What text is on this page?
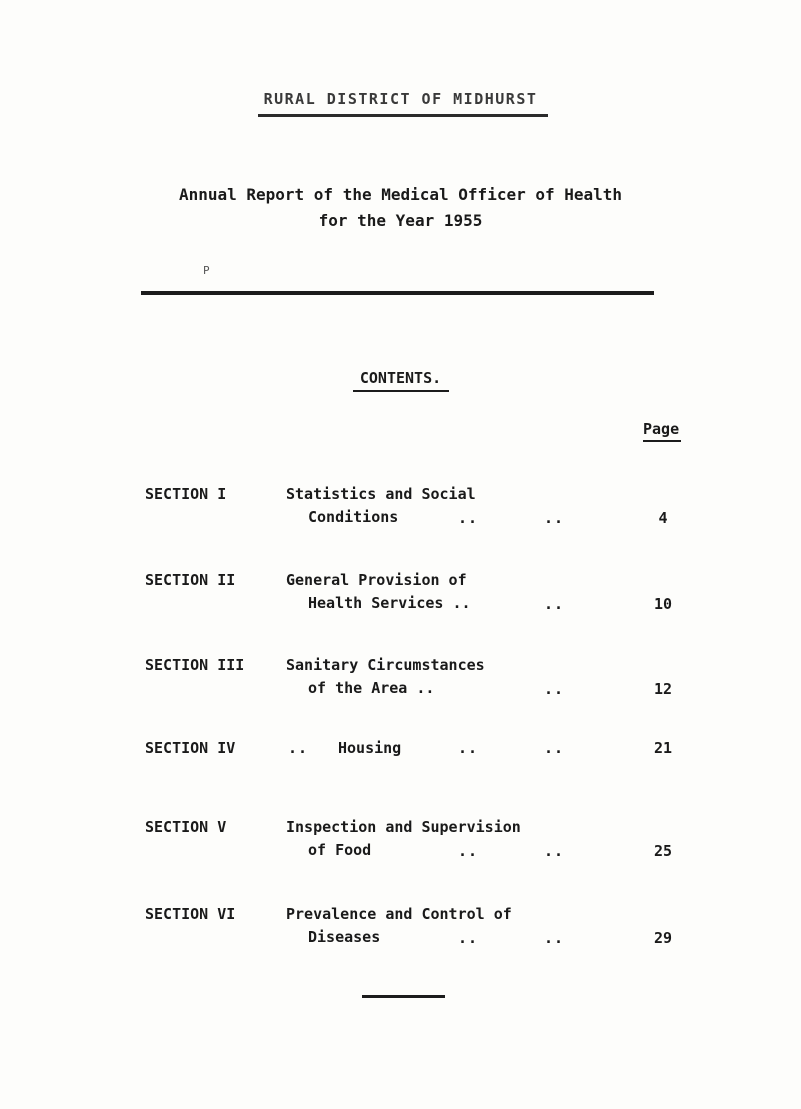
RURAL DISTRICT OF MIDHURST
Annual Report of the Medical Officer of Health
for the Year 1955
P
CONTENTS.
Page
SECTION I	Statistics and Social
Conditions	..	..	4
SECTION II	General Provision of
Health Services ..	..	10
SECTION III	Sanitary Circumstances
of the Area ..	..	12
SECTION IV	.. Housing	..	..	21
SECTION V	Inspection and Supervision
of Food	..	..	25
SECTION VI	Prevalence and Control of
Diseases	..	..	29
